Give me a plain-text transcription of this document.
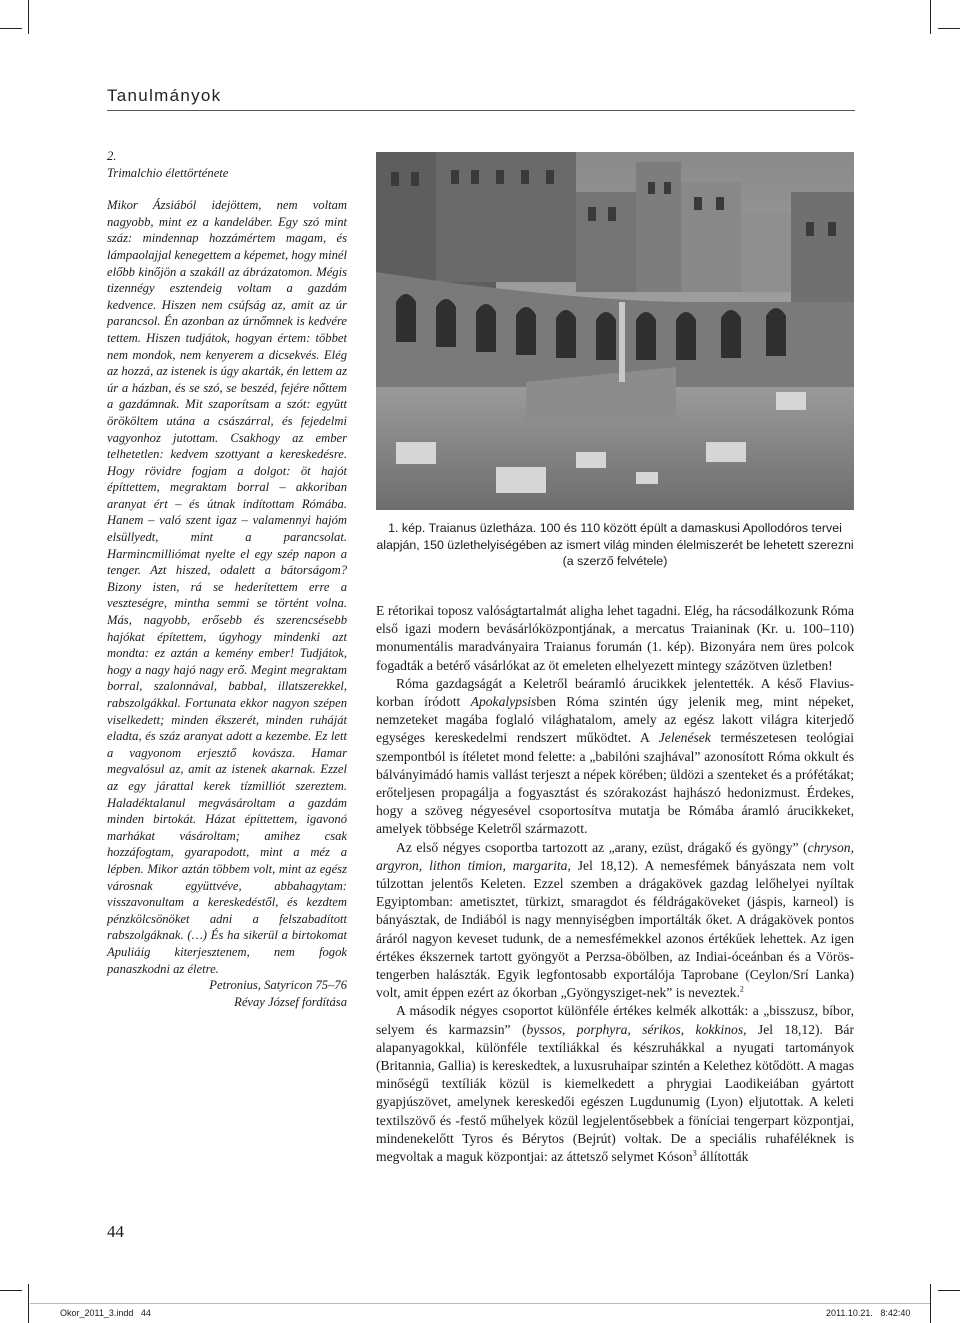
Tanulmányok

2.

Trimalchio élettörténete

Mikor Ázsiából idejöttem, nem voltam nagyobb, mint ez a kandeláber. Egy szó mint száz: mindennap hozzámértem magam, és lámpaolajjal kenegettem a képemet, hogy minél előbb kinőjön a szakáll az ábrázatomon. Mégis tizennégy esztendeig voltam a gazdám kedvence. Hiszen nem csúfság az, amit az úr parancsol. Én azonban az úrnőmnek is kedvére tettem. Hiszen tudjátok, hogyan értem: többet nem mondok, nem kenyerem a dicsekvés. Elég az hozzá, az istenek is úgy akarták, én lettem az úr a házban, és se szó, se beszéd, fejére nőttem a gazdámnak. Mit szaporítsam a szót: együtt örököltem utána a császárral, és fejedelmi vagyonhoz jutottam. Csakhogy az ember telhetetlen: kedvem szottyant a kereskedésre. Hogy rövidre fogjam a dolgot: öt hajót építtettem, megraktam borral – akkoriban aranyat ért – és útnak indítottam Rómába. Hanem – való szent igaz – valamennyi hajóm elsüllyedt, mint a parancsolat. Harmincmilliómat nyelte el egy szép napon a tenger. Azt hiszed, odalett a bátorságom? Bizony isten, rá se hederítettem erre a veszteségre, mintha semmi se történt volna. Más, nagyobb, erősebb és szerencsésebb hajókat építettem, úgyhogy mindenki azt mondta: ez aztán a kemény ember! Tudjátok, hogy a nagy hajó nagy erő. Megint megraktam borral, szalonnával, babbal, illatszerekkel, rabszolgákkal. Fortunata ekkor nagyon szépen viselkedett; minden ékszerét, minden ruháját eladta, és száz aranyat adott a kezembe. Ez lett a vagyonom erjesztő kovásza. Hamar megvalósul az, amit az istenek akarnak. Ezzel az egy járattal kerek tízmilliót szereztem. Haladéktalanul megvásároltam a gazdám minden birtokát. Házat építtettem, igavonó marhákat vásároltam; amihez csak hozzáfogtam, gyarapodott, mint a méz a lépben. Mikor aztán többem volt, mint az egész városnak együttvéve, abbahagytam: visszavonultam a kereskedéstől, és kezdtem pénzkölcsönöket adni a felszabadított rabszolgáknak. (…) És ha sikerül a birtokomat Apuliáig kiterjesztenem, nem fogok panaszkodni az életre.

Petronius, Satyricon 75–76

Révay József fordítása

1. kép. Traianus üzletháza. 100 és 110 között épült a damaskusi Apollodóros tervei alapján, 150 üzlethelyiségében az ismert világ minden élelmiszerét be lehetett szerezni (a szerző felvétele)

E rétorikai toposz valóságtartalmát aligha lehet tagadni. Elég, ha rácsodálkozunk Róma első igazi modern bevásárlóközpontjának, a mercatus Traianinak (Kr. u. 100–110) monumentális maradványaira Traianus forumán (1. kép). Bizonyára nem üres polcok fogadták a betérő vásárlókat az öt emeleten elhelyezett mintegy százötven üzletben!

Róma gazdagságát a Keletről beáramló árucikkek jelentették. A késő Flavius-korban íródott Apokalypsisben Róma szintén úgy jelenik meg, mint népeket, nemzeteket magába foglaló világhatalom, amely az egész lakott világra kiterjedő egységes kereskedelmi rendszert működtet. A Jelenések természetesen teológiai szempontból is ítéletet mond felette: a „babilóni szajhával” azonosított Róma okkult és bálványimádó hamis vallást terjeszt a népek körében; üldözi a szenteket és a prófétákat; erőteljesen propagálja a fogyasztást és szórakozást hajhászó hedonizmust. Érdekes, hogy a szöveg négyesével csoportosítva mutatja be Rómába áramló árucikkeket, amelyek többsége Keletről származott.

Az első négyes csoportba tartozott az „arany, ezüst, drágakő és gyöngy” (chryson, argyron, lithon timion, margarita, Jel 18,12). A nemesfémek bányászata nem volt túlzottan jelentős Keleten. Ezzel szemben a drágakövek gazdag lelőhelyei nyíltak Egyiptomban: ametisztet, türkizt, smaragdot és féldrágaköveket (jáspis, karneol) is bányásztak, de Indiából is nagy mennyiségben importálták őket. A drágakövek pontos áráról nagyon keveset tudunk, de a nemesfémekkel azonos értékűek lehettek. Az igen értékes ékszernek tartott gyöngyöt a Perzsa-öbölben, az Indiai-óceánban és a Vörös-tengerben halászták. Egyik legfontosabb exportálója Taprobane (Ceylon/Srí Lanka) volt, amit éppen ezért az ókorban „Gyöngysziget-nek” is neveztek.$^2$

A második négyes csoportot különféle értékes kelmék alkották: a „bisszusz, bíbor, selyem és karmazsin” (byssos, porphyra, sérikos, kokkinos, Jel 18,12). Bár alapanyagokkal, különféle textíliákkal és készruhákkal a nyugati tartományok (Britannia, Gallia) is kereskedtek, a luxusruhaipar szintén a Kelethez kötődött. A magas minőségű textíliák közül is kiemelkedett a phrygiai Laodikeiában gyártott gyapjúszövet, amelynek kereskedői egészen Lugdunumig (Lyon) eljutottak. A keleti textilszövő és -festő műhelyek közül legjelentősebbek a föníciai tengerpart központjai, mindenekelőtt Tyros és Bérytos (Bejrút) voltak. De a speciális ruhaféléknek is megvoltak a maguk központjai: az áttetsző selymet Kóson$^3$ állították

44
Okor_2011_3.indd   44	2011.10.21.   8:42:40
